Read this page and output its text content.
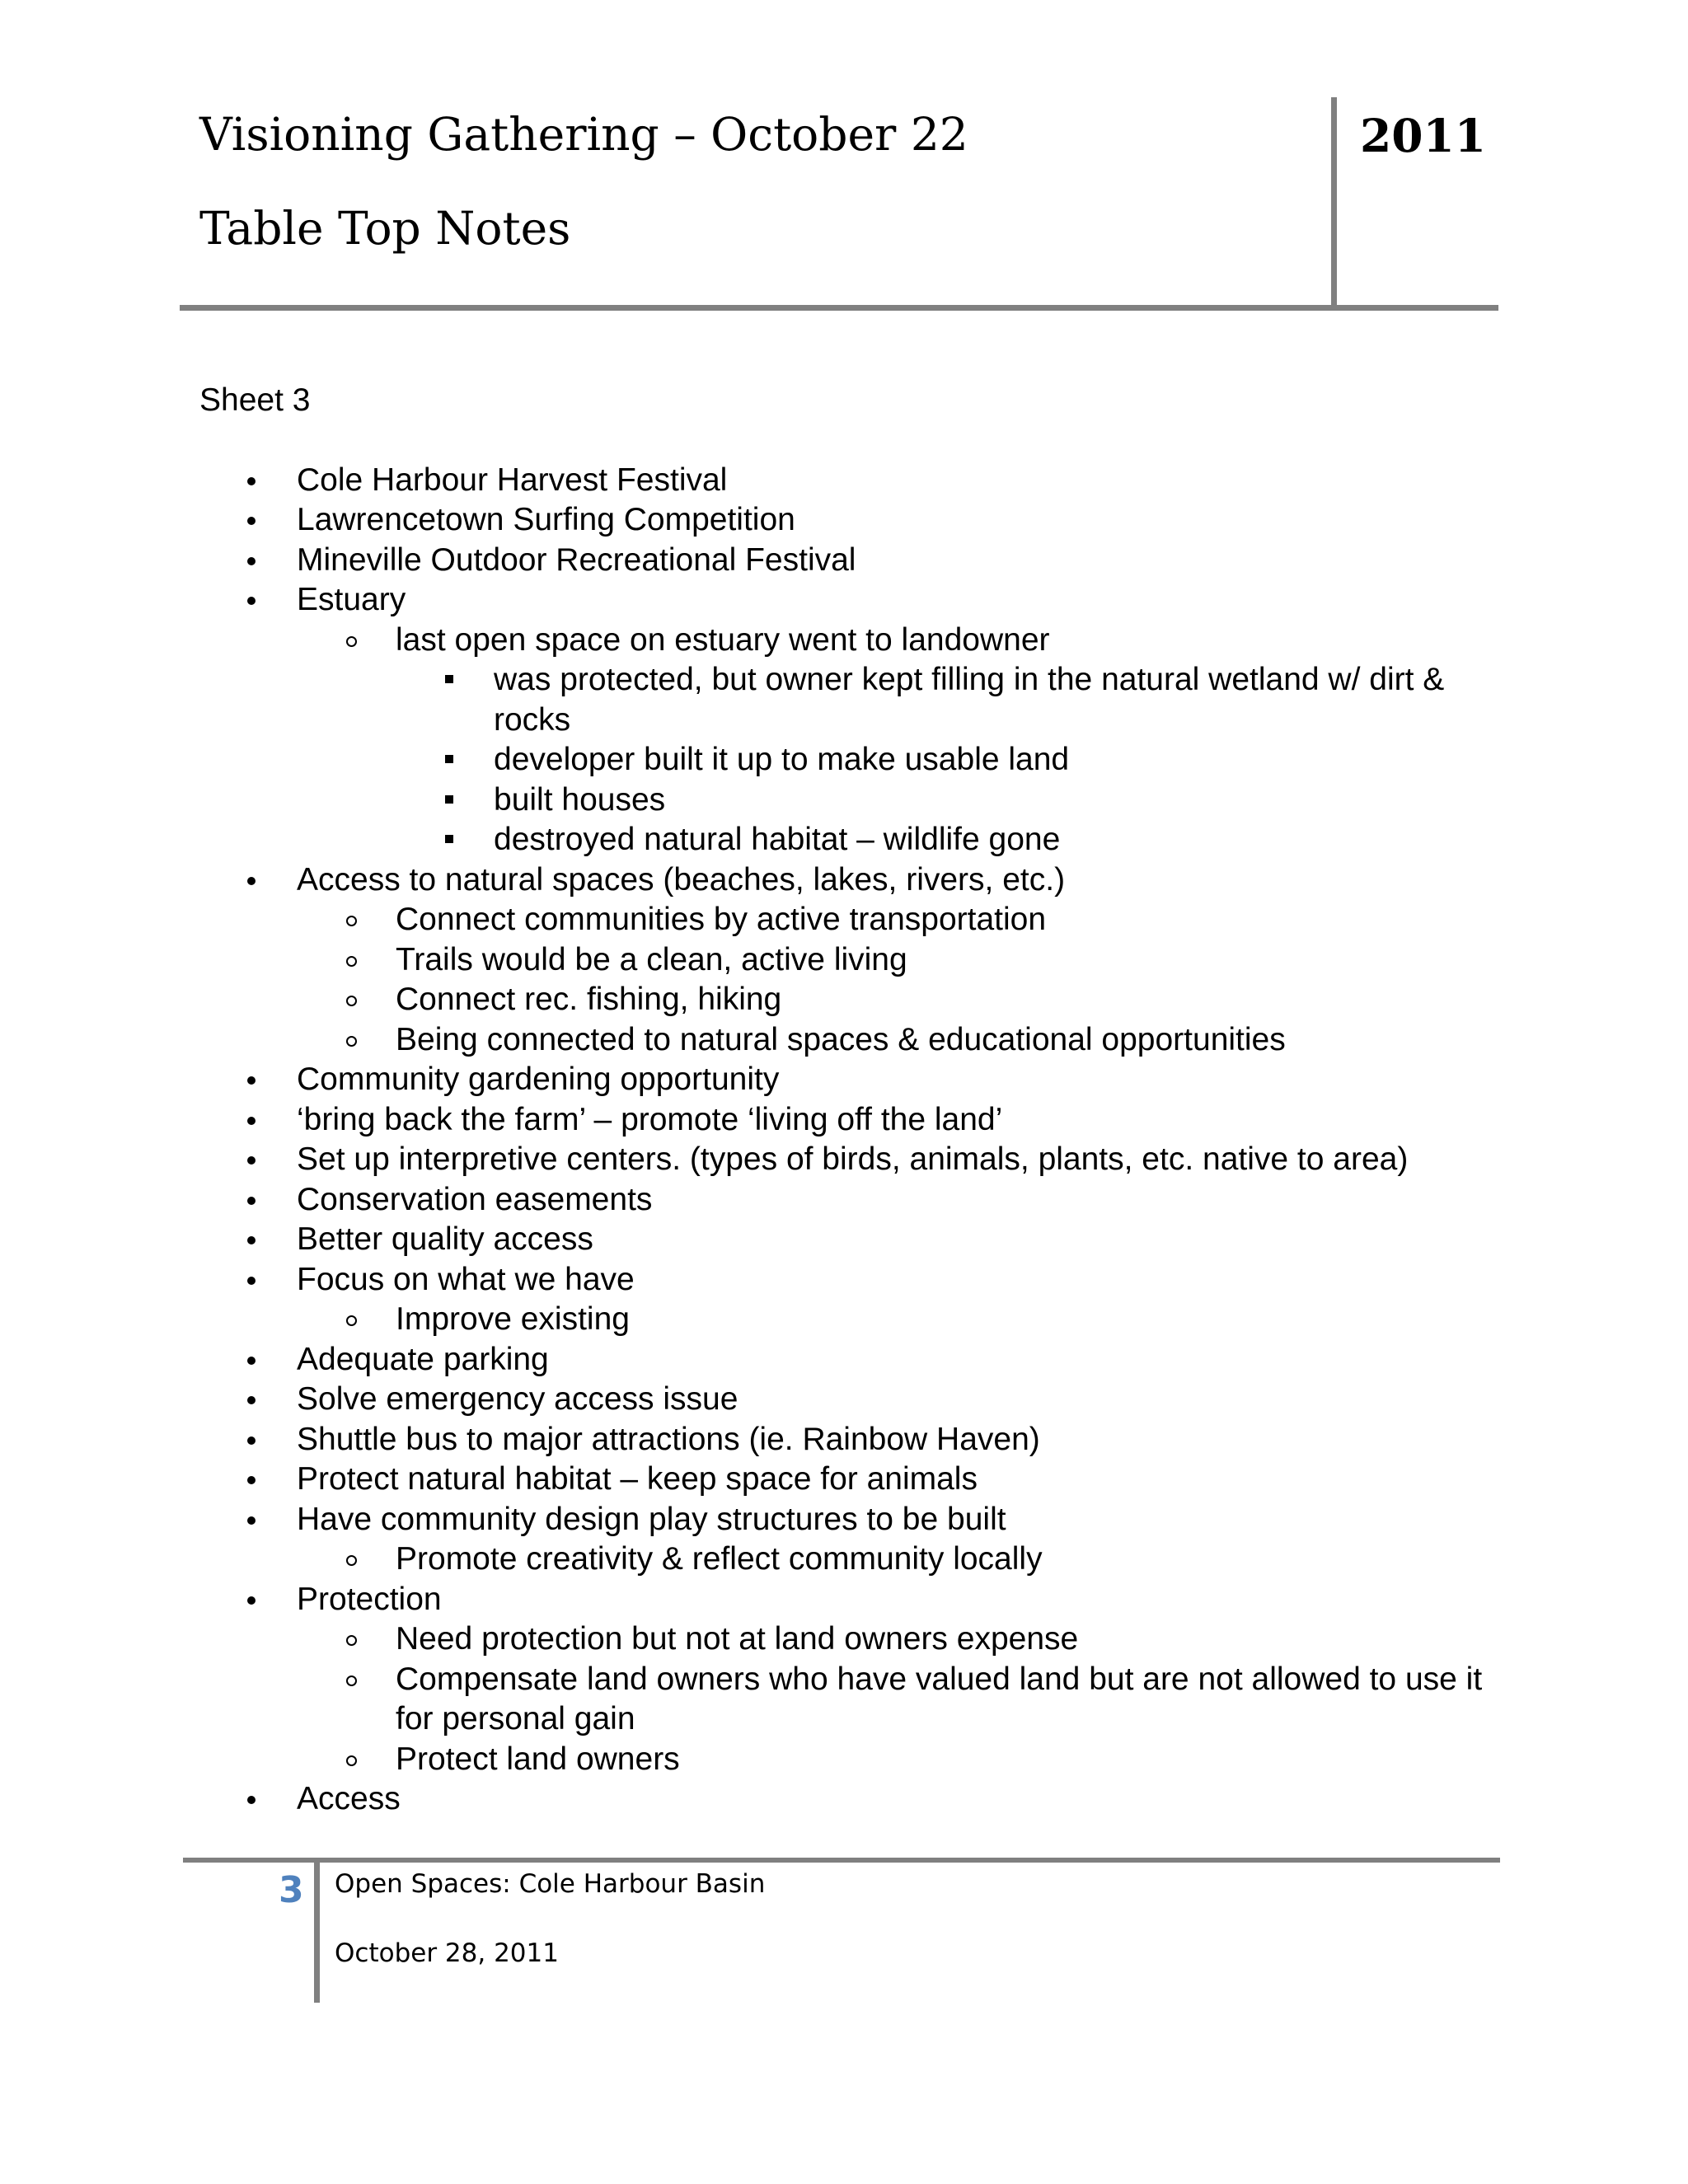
Visioning Gathering – October 22
Table Top Notes
2011

Sheet 3

Cole Harbour Harvest Festival
Lawrencetown Surfing Competition
Mineville Outdoor Recreational Festival
Estuary
last open space on estuary went to landowner
was protected, but owner kept filling in the natural wetland w/ dirt & rocks
developer built it up to make usable land
built houses
destroyed natural habitat – wildlife gone
Access to natural spaces (beaches, lakes, rivers, etc.)
Connect communities by active transportation
Trails would be a clean, active living
Connect rec. fishing, hiking
Being connected to natural spaces & educational opportunities
Community gardening opportunity
‘bring back the farm’ – promote ‘living off the land’
Set up interpretive centers. (types of birds, animals, plants, etc. native to area)
Conservation easements
Better quality access
Focus on what we have
Improve existing
Adequate parking
Solve emergency access issue
Shuttle bus to major attractions (ie. Rainbow Haven)
Protect natural habitat – keep space for animals
Have community design play structures to be built
Promote creativity & reflect community locally
Protection
Need protection but not at land owners expense
Compensate land owners who have valued land but are not allowed to use it for personal gain
Protect land owners
Access
3 Open Spaces: Cole Harbour Basin
October 28, 2011
